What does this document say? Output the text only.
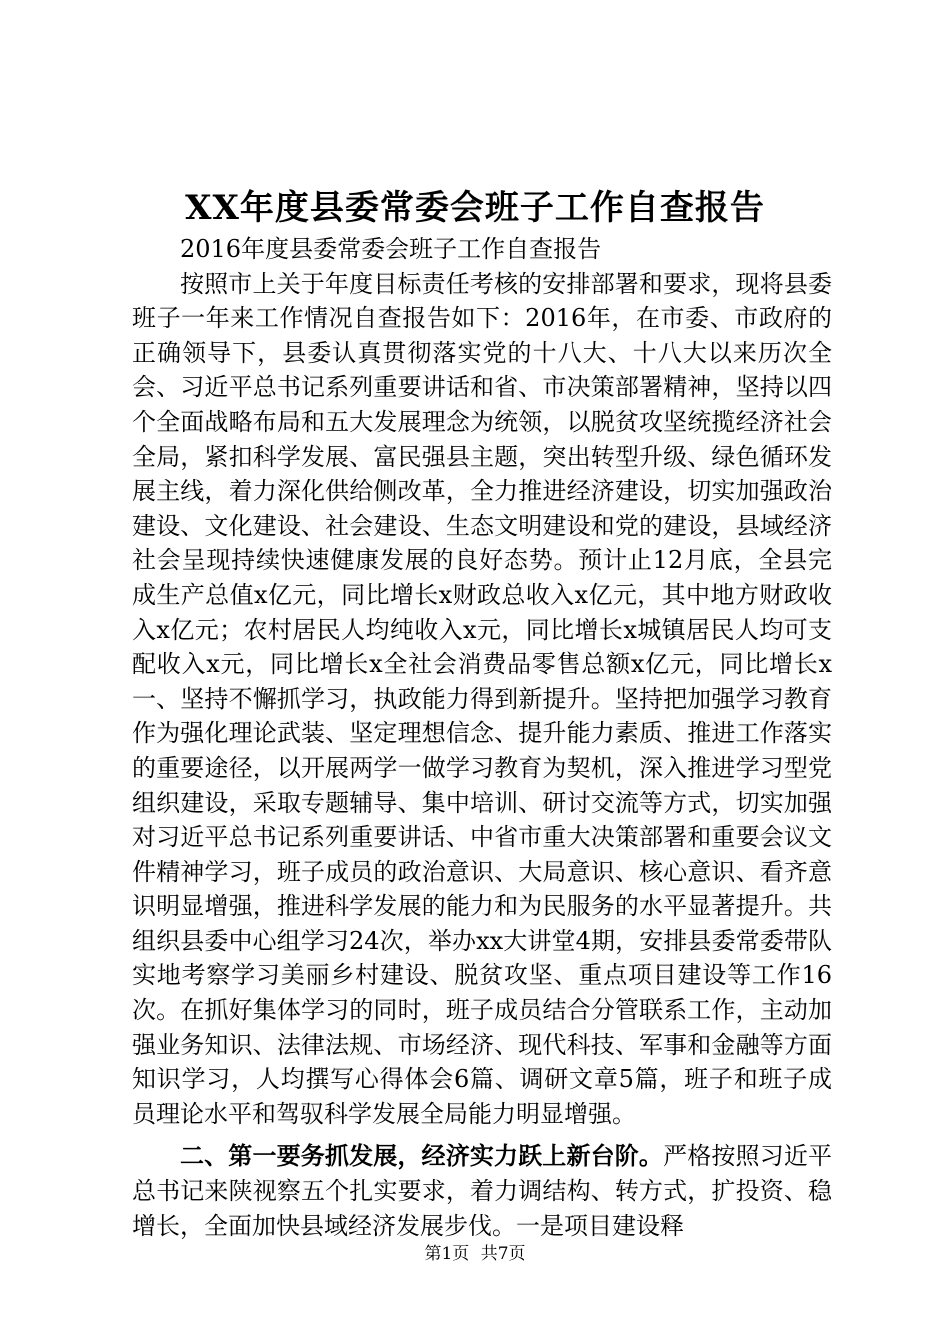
XX年度县委常委会班子工作自查报告

2016年度县委常委会班子工作自查报告

按照市上关于年度目标责任考核的安排部署和要求，现将县委班子一年来工作情况自查报告如下：2016年，在市委、市政府的正确领导下，县委认真贯彻落实党的十八大、十八大以来历次全会、习近平总书记系列重要讲话和省、市决策部署精神，坚持以四个全面战略布局和五大发展理念为统领，以脱贫攻坚统揽经济社会全局，紧扣科学发展、富民强县主题，突出转型升级、绿色循环发展主线，着力深化供给侧改革，全力推进经济建设，切实加强政治建设、文化建设、社会建设、生态文明建设和党的建设，县域经济社会呈现持续快速健康发展的良好态势。预计止12月底，全县完成生产总值x亿元，同比增长x财政总收入x亿元，其中地方财政收入x亿元；农村居民人均纯收入x元，同比增长x城镇居民人均可支配收入x元，同比增长x全社会消费品零售总额x亿元，同比增长x一、坚持不懈抓学习，执政能力得到新提升。坚持把加强学习教育作为强化理论武装、坚定理想信念、提升能力素质、推进工作落实的重要途径，以开展两学一做学习教育为契机，深入推进学习型党组织建设，采取专题辅导、集中培训、研讨交流等方式，切实加强对习近平总书记系列重要讲话、中省市重大决策部署和重要会议文件精神学习，班子成员的政治意识、大局意识、核心意识、看齐意识明显增强，推进科学发展的能力和为民服务的水平显著提升。共组织县委中心组学习24次，举办xx大讲堂4期，安排县委常委带队实地考察学习美丽乡村建设、脱贫攻坚、重点项目建设等工作16次。在抓好集体学习的同时，班子成员结合分管联系工作，主动加强业务知识、法律法规、市场经济、现代科技、军事和金融等方面知识学习，人均撰写心得体会6篇、调研文章5篇，班子和班子成员理论水平和驾驭科学发展全局能力明显增强。

二、第一要务抓发展，经济实力跃上新台阶。严格按照习近平总书记来陕视察五个扎实要求，着力调结构、转方式，扩投资、稳增长，全面加快县域经济发展步伐。一是项目建设释

第1页 共7页
